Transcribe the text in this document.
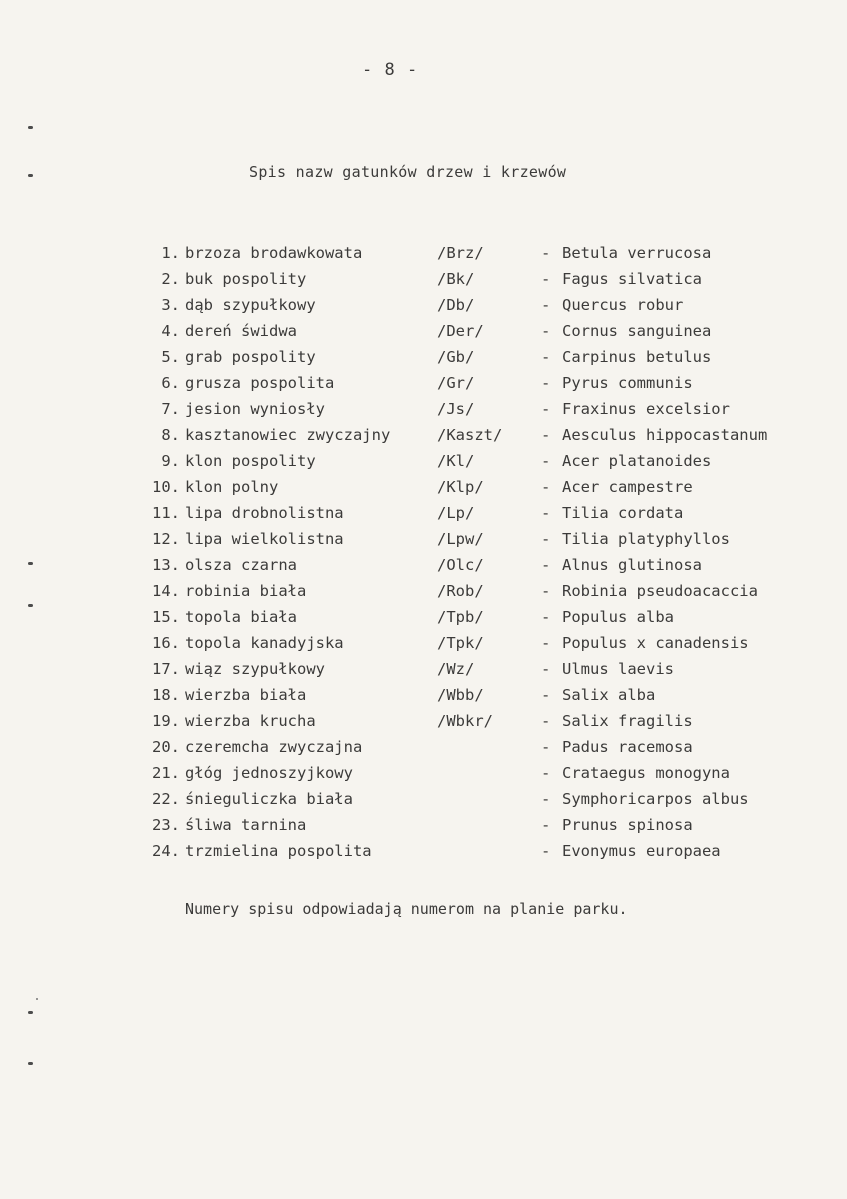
- 8 -
Spis nazw gatunków drzew i krzewów
1. brzoza brodawkowata	/Brz/	- Betula verrucosa
2. buk pospolity	/Bk/	- Fagus silvatica
3. dąb szypułkowy	/Db/	- Quercus robur
4. dereń świdwa	/Der/	- Cornus sanguinea
5. grab pospolity	/Gb/	- Carpinus betulus
6. grusza pospolita	/Gr/	- Pyrus communis
7. jesion wyniosły	/Js/	- Fraxinus excelsior
8. kasztanowiec zwyczajny	/Kaszt/ - Aesculus hippocastanum
9. klon pospolity	/Kl/	- Acer platanoides
10. klon polny	/Klp/	- Acer campestre
11. lipa drobnolistna	/Lp/	- Tilia cordata
12. lipa wielkolistna	/Lpw/	- Tilia platyphyllos
13. olsza czarna	/Olc/	- Alnus glutinosa
14. robinia biała	/Rob/	- Robinia pseudoacaccia
15. topola biała	/Tpb/	- Populus alba
16. topola kanadyjska	/Tpk/	- Populus x canadensis
17. wiąz szypułkowy	/Wz/	- Ulmus laevis
18. wierzba biała	/Wbb/	- Salix alba
19. wierzba krucha	/Wbkr/	- Salix fragilis
20. czeremcha zwyczajna	- Padus racemosa
21. głóg jednoszyjkowy	- Crataegus monogyna
22. śnieguliczka biała	- Symphoricarpos albus
23. śliwa tarnina	- Prunus spinosa
24. trzmielina pospolita	- Evonymus europaea
Numery spisu odpowiadają numerom na planie parku.
